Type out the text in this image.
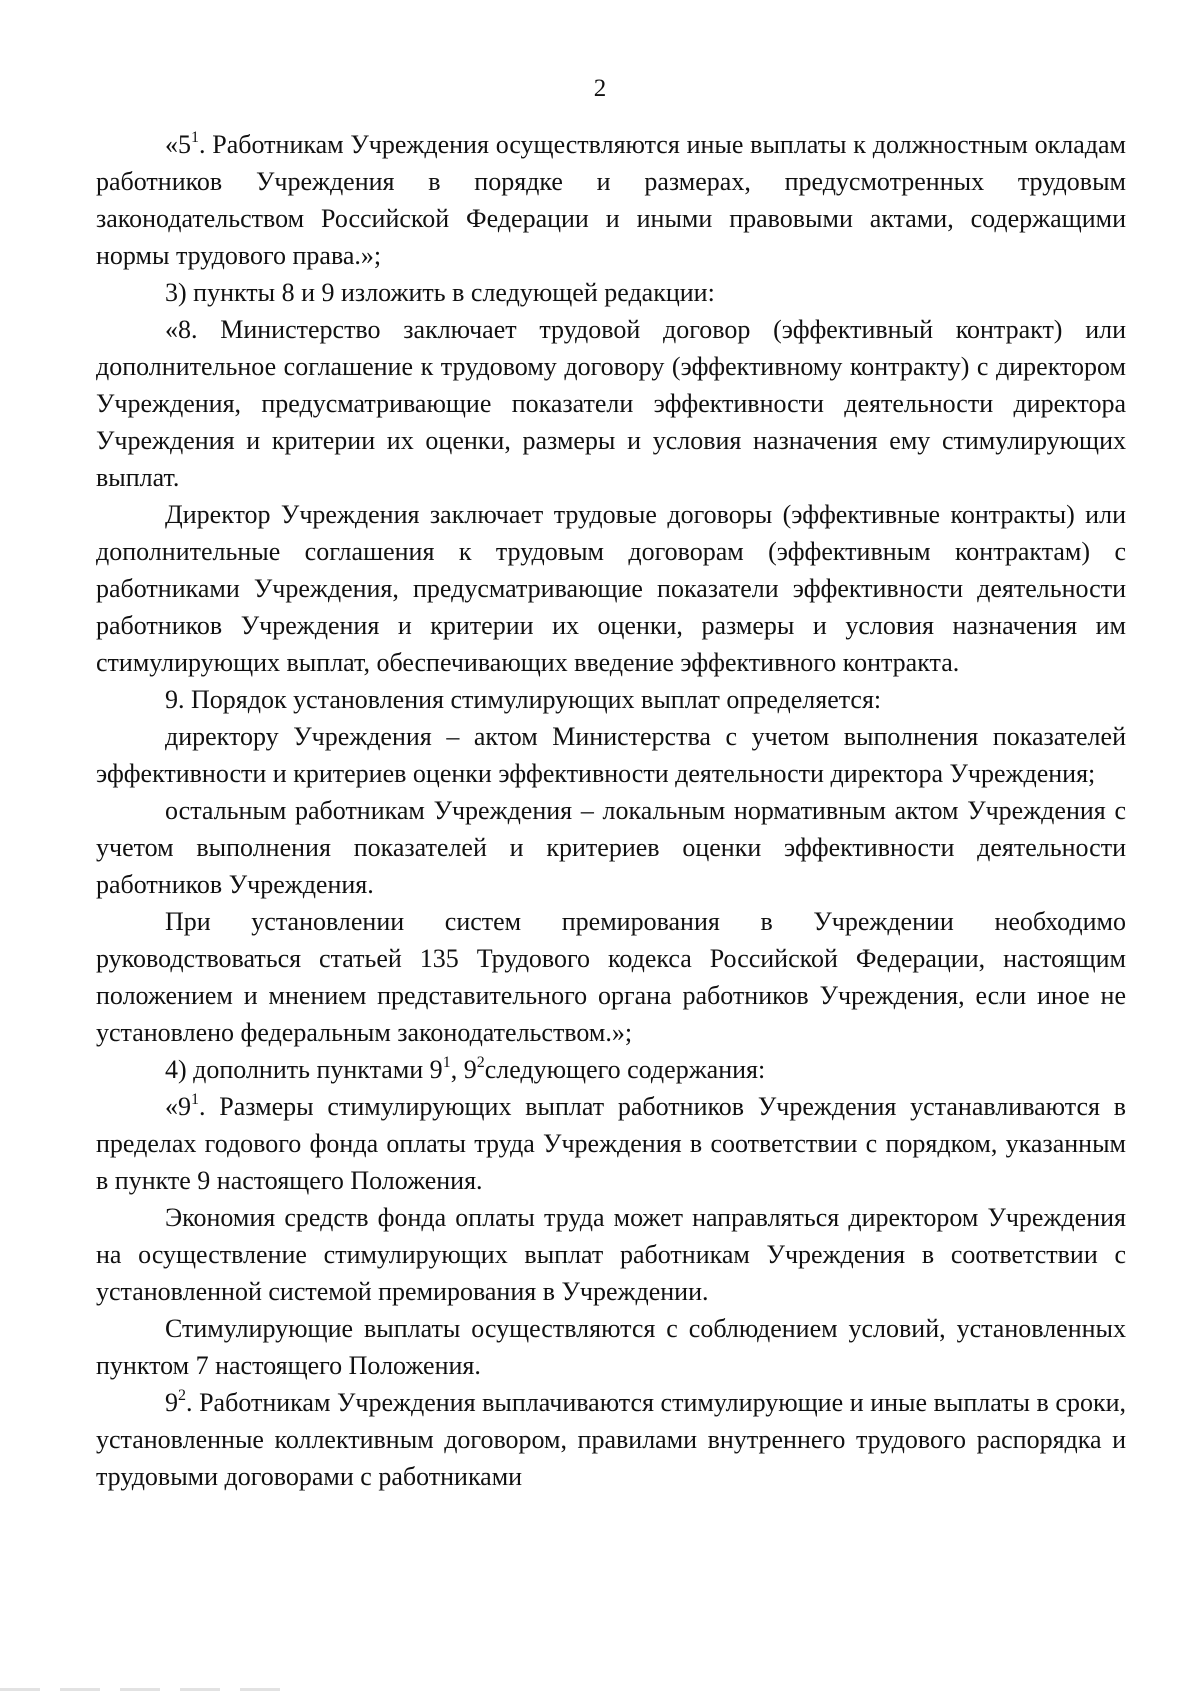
2

«$5^1$. Работникам Учреждения осуществляются иные выплаты к должностным окладам работников Учреждения в порядке и размерах, предусмотренных трудовым законодательством Российской Федерации и иными правовыми актами, содержащими нормы трудового права.»;

3) пункты 8 и 9 изложить в следующей редакции:

«8. Министерство заключает трудовой договор (эффективный контракт) или дополнительное соглашение к трудовому договору (эффективному контракту) с директором Учреждения, предусматривающие показатели эффективности деятельности директора Учреждения и критерии их оценки, размеры и условия назначения ему стимулирующих выплат.

Директор Учреждения заключает трудовые договоры (эффективные контракты) или дополнительные соглашения к трудовым договорам (эффективным контрактам) с работниками Учреждения, предусматривающие показатели эффективности деятельности работников Учреждения и критерии их оценки, размеры и условия назначения им стимулирующих выплат, обеспечивающих введение эффективного контракта.

9. Порядок установления стимулирующих выплат определяется:

директору Учреждения – актом Министерства с учетом выполнения показателей эффективности и критериев оценки эффективности деятельности директора Учреждения;

остальным работникам Учреждения – локальным нормативным актом Учреждения с учетом выполнения показателей и критериев оценки эффективности деятельности работников Учреждения.

При установлении систем премирования в Учреждении необходимо руководствоваться статьей 135 Трудового кодекса Российской Федерации, настоящим положением и мнением представительного органа работников Учреждения, если иное не установлено федеральным законодательством.»;

4) дополнить пунктами $9^1$, $9^2следующего$ содержания:

«$9^1$. Размеры стимулирующих выплат работников Учреждения устанавливаются в пределах годового фонда оплаты труда Учреждения в соответствии с порядком, указанным в пункте 9 настоящего Положения.

Экономия средств фонда оплаты труда может направляться директором Учреждения на осуществление стимулирующих выплат работникам Учреждения в соответствии с установленной системой премирования в Учреждении.

Стимулирующие выплаты осуществляются с соблюдением условий, установленных пунктом 7 настоящего Положения.

$9^2$. Работникам Учреждения выплачиваются стимулирующие и иные выплаты в сроки, установленные коллективным договором, правилами внутреннего трудового распорядка и трудовыми договорами с работниками
